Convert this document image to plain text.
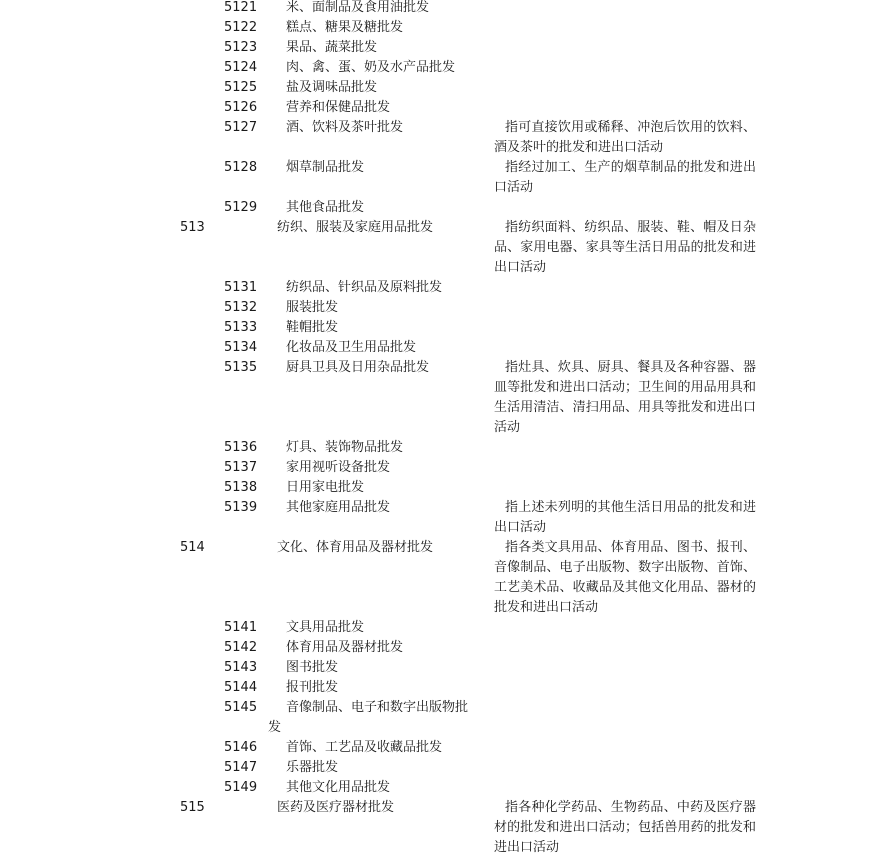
5121 米、面制品及食用油批发
5122 糕点、糖果及糖批发
5123 果品、蔬菜批发
5124 肉、禽、蛋、奶及水产品批发
5125 盐及调味品批发
5126 营养和保健品批发
5127 酒、饮料及茶叶批发	指可直接饮用或稀释、冲泡后饮用的饮料、酒及茶叶的批发和进出口活动
5128 烟草制品批发	指经过加工、生产的烟草制品的批发和进出口活动
5129 其他食品批发
513	纺织、服装及家庭用品批发	指纺织面料、纺织品、服装、鞋、帽及日杂品、家用电器、家具等生活日用品的批发和进出口活动
5131 纺织品、针织品及原料批发
5132 服装批发
5133 鞋帽批发
5134 化妆品及卫生用品批发
5135 厨具卫具及日用杂品批发	指灶具、炊具、厨具、餐具及各种容器、器皿等批发和进出口活动；卫生间的用品用具和生活用清洁、清扫用品、用具等批发和进出口活动
5136 灯具、装饰物品批发
5137 家用视听设备批发
5138 日用家电批发
5139 其他家庭用品批发	指上述未列明的其他生活日用品的批发和进出口活动
514	文化、体育用品及器材批发	指各类文具用品、体育用品、图书、报刊、音像制品、电子出版物、数字出版物、首饰、工艺美术品、收藏品及其他文化用品、器材的批发和进出口活动
5141 文具用品批发
5142 体育用品及器材批发
5143 图书批发
5144 报刊批发
5145 音像制品、电子和数字出版物批
发
5146 首饰、工艺品及收藏品批发
5147 乐器批发
5149 其他文化用品批发
515	医药及医疗器材批发	指各种化学药品、生物药品、中药及医疗器材的批发和进出口活动；包括兽用药的批发和进出口活动
